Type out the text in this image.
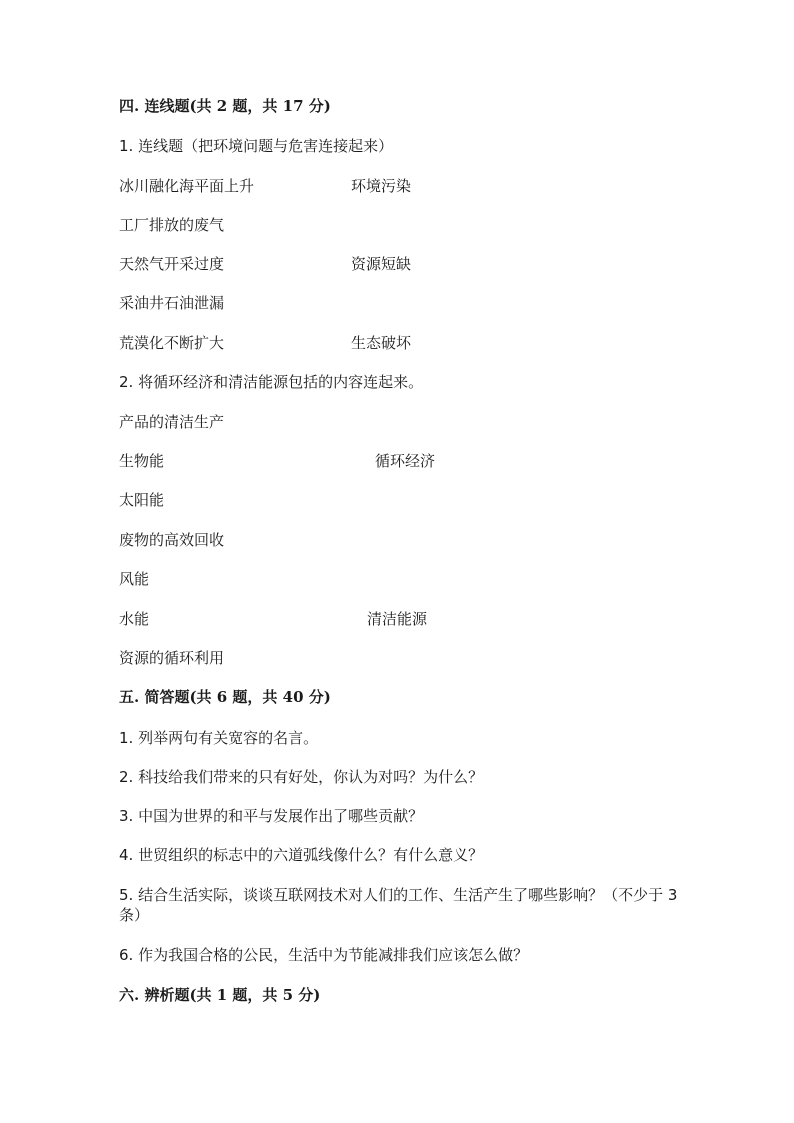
四. 连线题(共 2 题，共 17 分)
1. 连线题（把环境问题与危害连接起来）
冰川融化海平面上升	环境污染
工厂排放的废气
天然气开采过度	资源短缺
采油井石油泄漏
荒漠化不断扩大	生态破坏
2. 将循环经济和清洁能源包括的内容连起来。
产品的清洁生产
生物能	循环经济
太阳能
废物的高效回收
风能
水能	清洁能源
资源的循环利用
五. 简答题(共 6 题，共 40 分)
1. 列举两句有关宽容的名言。
2. 科技给我们带来的只有好处，你认为对吗？为什么？
3. 中国为世界的和平与发展作出了哪些贡献？
4. 世贸组织的标志中的六道弧线像什么？有什么意义？
5. 结合生活实际，谈谈互联网技术对人们的工作、生活产生了哪些影响？（不少于 3 条）
6. 作为我国合格的公民，生活中为节能减排我们应该怎么做？
六. 辨析题(共 1 题，共 5 分)
